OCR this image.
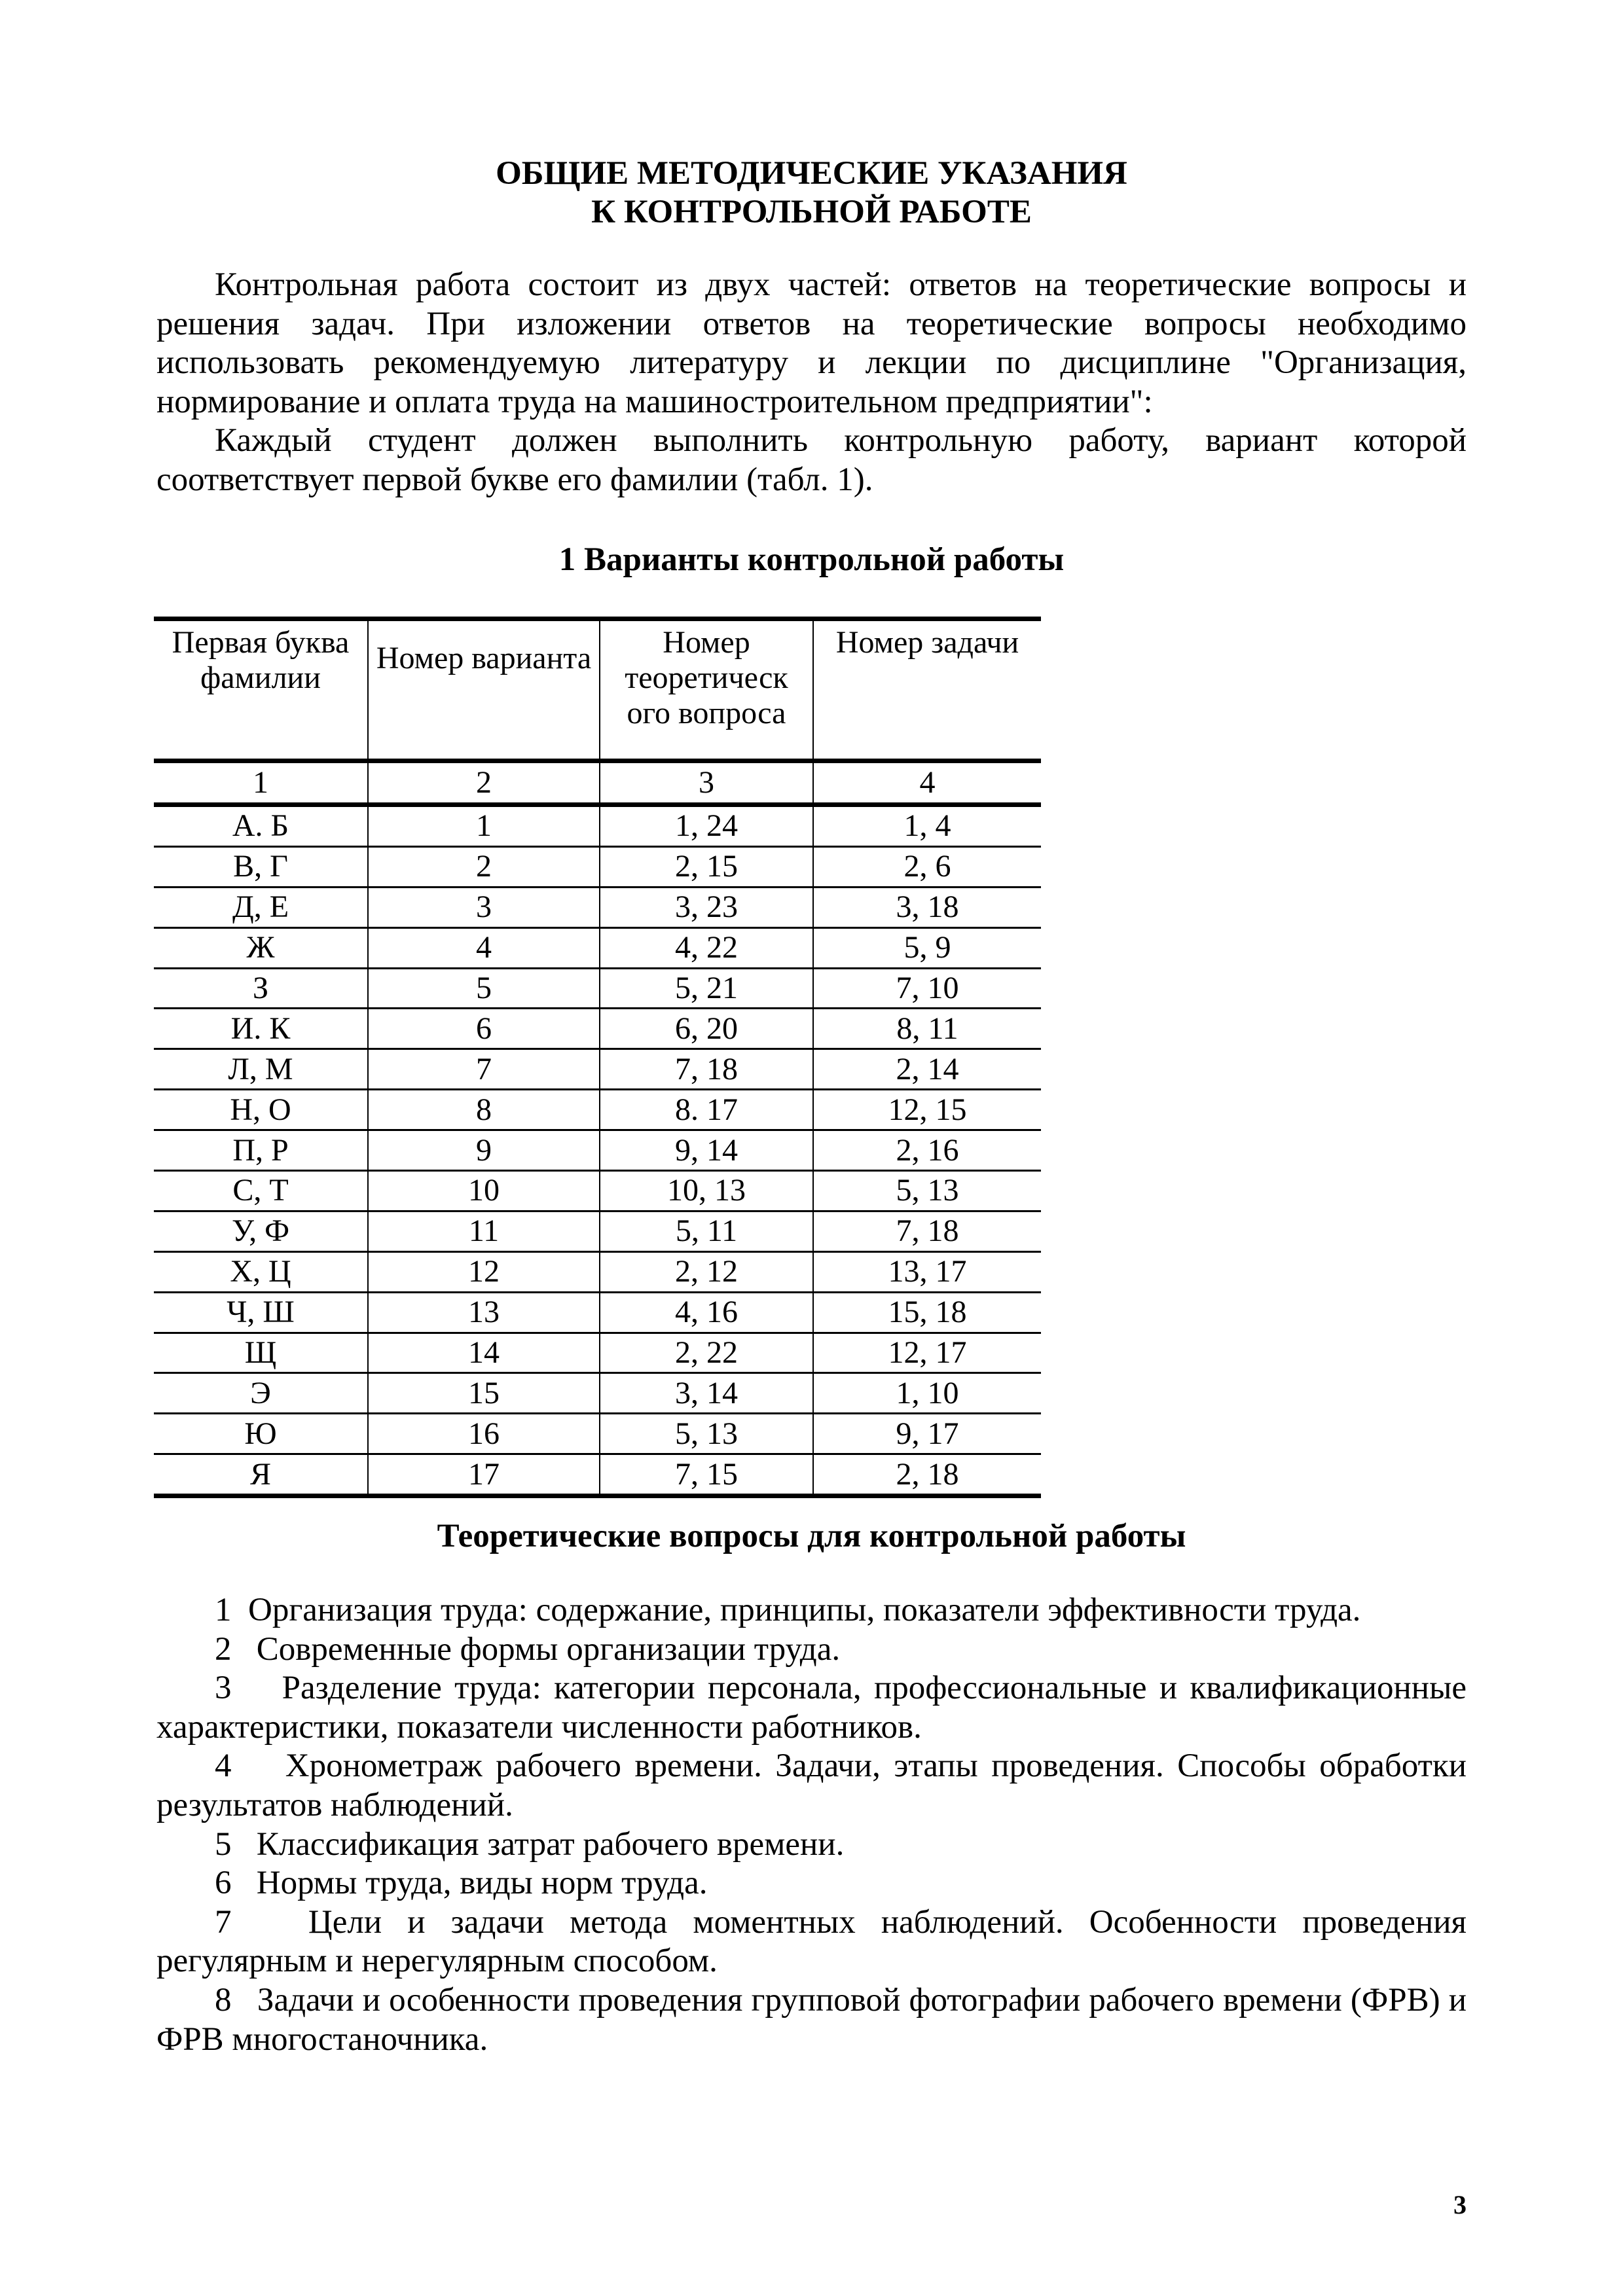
ОБЩИЕ МЕТОДИЧЕСКИЕ УКАЗАНИЯ
К КОНТРОЛЬНОЙ РАБОТЕ

Контрольная работа состоит из двух частей: ответов на теоретические вопросы и решения задач. При изложении ответов на теоретические вопросы необходимо использовать рекомендуемую литературу и лекции по дисциплине "Организация, нормирование и оплата труда на машиностроительном предприятии":

Каждый студент должен выполнить контрольную работу, вариант которой соответствует первой букве его фамилии (табл. 1).

1 Варианты контрольной работы
Первая буква фамилии	Номер варианта	Номер теоретическ ого вопроса	Номер задачи
1	2	3	4
А. Б	1	1, 24	1, 4
В, Г	2	2, 15	2, 6
Д, Е	3	3, 23	3, 18
Ж	4	4, 22	5, 9
З	5	5, 21	7, 10
И. К	6	6, 20	8, 11
Л, М	7	7, 18	2, 14
Н, О	8	8. 17	12, 15
П, Р	9	9, 14	2, 16
С, Т	10	10, 13	5, 13
У, Ф	11	5, 11	7, 18
Х, Ц	12	2, 12	13, 17
Ч, Ш	13	4, 16	15, 18
Щ	14	2, 22	12, 17
Э	15	3, 14	1, 10
Ю	16	5, 13	9, 17
Я	17	7, 15	2, 18
Теоретические вопросы для контрольной работы

1  Организация труда: содержание, принципы, показатели эффективности труда.

2   Современные формы организации труда.

3    Разделение труда: категории персонала, профессиональные и квалификационные характеристики, показатели численности работников.

4    Хронометраж рабочего времени. Задачи, этапы проведения. Способы обработки результатов наблюдений.

5   Классификация затрат рабочего времени.

6   Нормы труда, виды норм труда.

7   Цели и задачи метода моментных наблюдений. Особенности проведения регулярным и нерегулярным способом.

8   Задачи и особенности проведения групповой фотографии рабочего времени (ФРВ) и ФРВ многостаночника.

3
